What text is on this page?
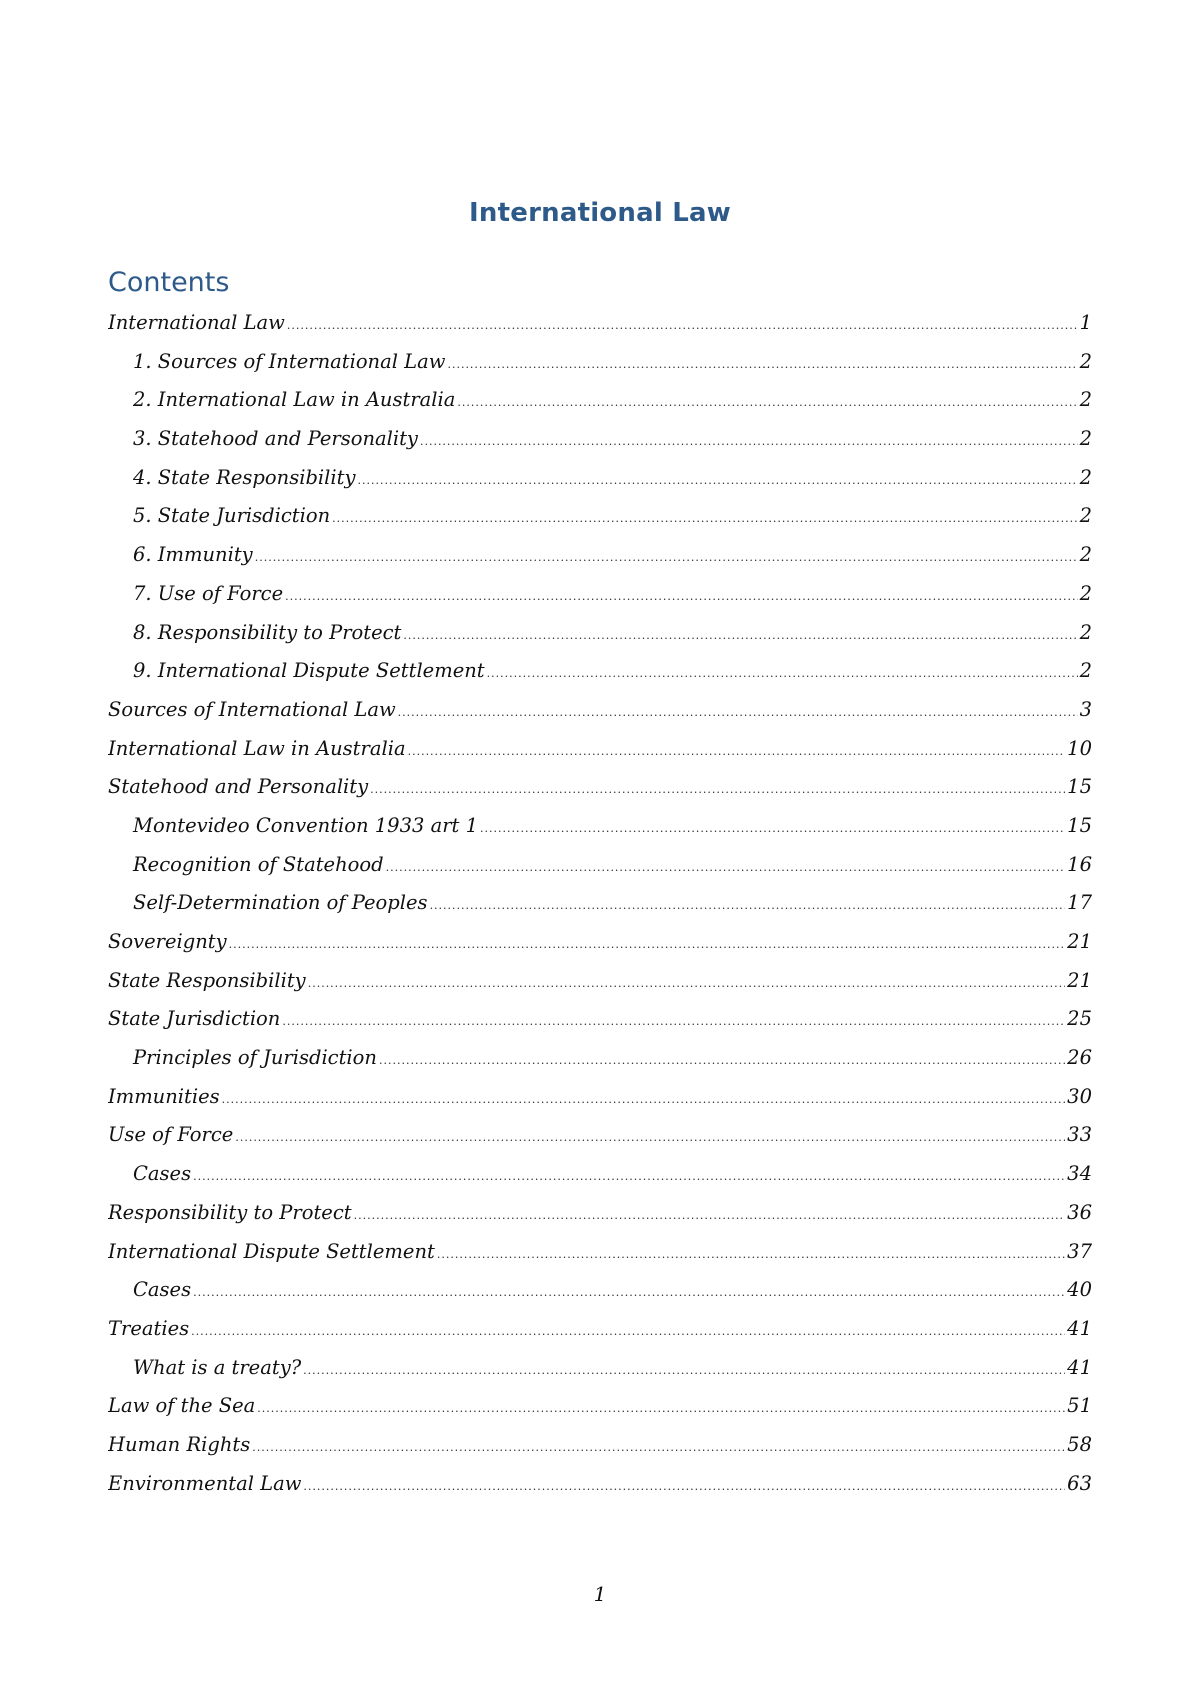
International Law
Contents
International Law .....	1
1. Sources of International Law .....	2
2. International Law in Australia .....	2
3. Statehood and Personality .....	2
4. State Responsibility .....	2
5. State Jurisdiction .....	2
6. Immunity .....	2
7. Use of Force .....	2
8. Responsibility to Protect .....	2
9. International Dispute Settlement .....	2
Sources of International Law .....	3
International Law in Australia .....	10
Statehood and Personality .....	15
Montevideo Convention 1933 art 1 .....	15
Recognition of Statehood .....	16
Self-Determination of Peoples .....	17
Sovereignty .....	21
State Responsibility .....	21
State Jurisdiction .....	25
Principles of Jurisdiction .....	26
Immunities .....	30
Use of Force .....	33
Cases .....	34
Responsibility to Protect .....	36
International Dispute Settlement .....	37
Cases .....	40
Treaties .....	41
What is a treaty? .....	41
Law of the Sea .....	51
Human Rights .....	58
Environmental Law .....	63
1
